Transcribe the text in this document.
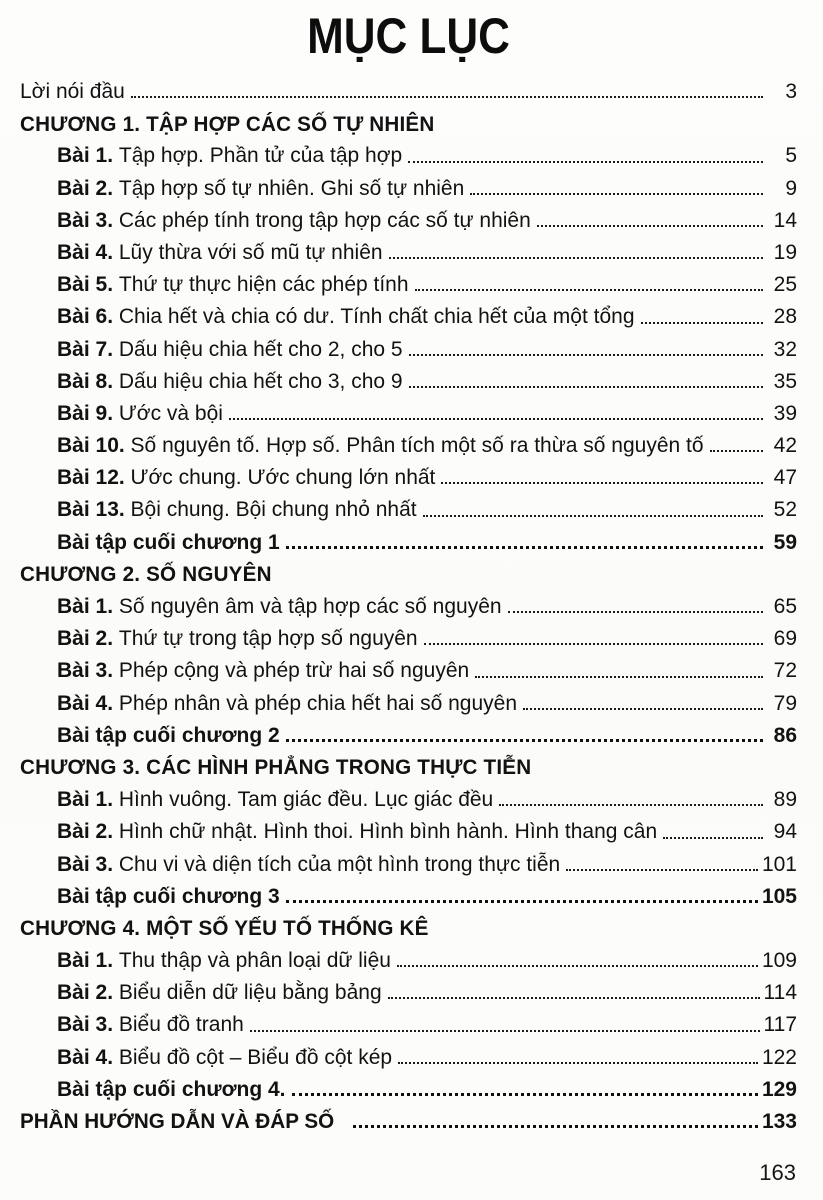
MỤC LỤC
Lời nói đầu	3
CHƯƠNG 1. TẬP HỢP CÁC SỐ TỰ NHIÊN
Bài 1. Tập hợp. Phần tử của tập hợp	5
Bài 2. Tập hợp số tự nhiên. Ghi số tự nhiên	9
Bài 3. Các phép tính trong tập hợp các số tự nhiên	14
Bài 4. Lũy thừa với số mũ tự nhiên	19
Bài 5. Thứ tự thực hiện các phép tính	25
Bài 6. Chia hết và chia có dư. Tính chất chia hết của một tổng	28
Bài 7. Dấu hiệu chia hết cho 2, cho 5	32
Bài 8. Dấu hiệu chia hết cho 3, cho 9	35
Bài 9. Ước và bội	39
Bài 10. Số nguyên tố. Hợp số. Phân tích một số ra thừa số nguyên tố	42
Bài 12. Ước chung. Ước chung lớn nhất	47
Bài 13. Bội chung. Bội chung nhỏ nhất	52
Bài tập cuối chương 1	59
CHƯƠNG 2. SỐ NGUYÊN
Bài 1. Số nguyên âm và tập hợp các số nguyên	65
Bài 2. Thứ tự trong tập hợp số nguyên	69
Bài 3. Phép cộng và phép trừ hai số nguyên	72
Bài 4. Phép nhân và phép chia hết hai số nguyên	79
Bài tập cuối chương 2	86
CHƯƠNG 3. CÁC HÌNH PHẲNG TRONG THỰC TIỄN
Bài 1. Hình vuông. Tam giác đều. Lục giác đều	89
Bài 2. Hình chữ nhật. Hình thoi. Hình bình hành. Hình thang cân	94
Bài 3. Chu vi và diện tích của một hình trong thực tiễn	101
Bài tập cuối chương 3	105
CHƯƠNG 4. MỘT SỐ YẾU TỐ THỐNG KÊ
Bài 1. Thu thập và phân loại dữ liệu	109
Bài 2. Biểu diễn dữ liệu bằng bảng	114
Bài 3. Biểu đồ tranh	117
Bài 4. Biểu đồ cột – Biểu đồ cột kép	122
Bài tập cuối chương 4.	129
PHẦN HƯỚNG DẪN VÀ ĐÁP SỐ	133
163
